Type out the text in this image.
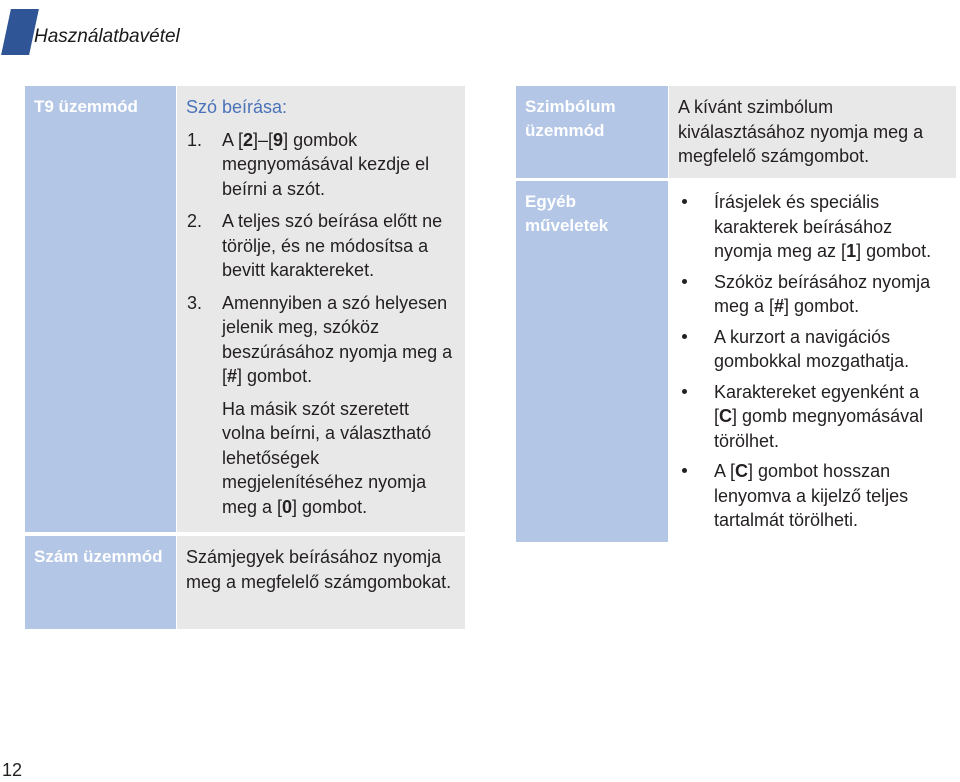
Használatbavétel
T9 üzemmód	Szó beírása:
1. A [2]–[9] gombok megnyomásával kezdje el beírni a szót.
2. A teljes szó beírása előtt ne törölje, és ne módosítsa a bevitt karaktereket.
3. Amennyiben a szó helyesen jelenik meg, szóköz beszúrásához nyomja meg a [#] gombot.
Ha másik szót szeretett volna beírni, a választható lehetőségek megjelenítéséhez nyomja meg a [0] gombot.
Szám üzemmód	Számjegyek beírásához nyomja meg a megfelelő számgombokat.
Szimbólum üzemmód
A kívánt szimbólum kiválasztásához nyomja meg a megfelelő számgombot.
Egyéb műveletek
Írásjelek és speciális karakterek beírásához nyomja meg az [1] gombot.
Szóköz beírásához nyomja meg a [#] gombot.
A kurzort a navigációs gombokkal mozgathatja.
Karaktereket egyenként a [C] gomb megnyomásával törölhet.
A [C] gombot hosszan lenyomva a kijelző teljes tartalmát törölheti.
12
